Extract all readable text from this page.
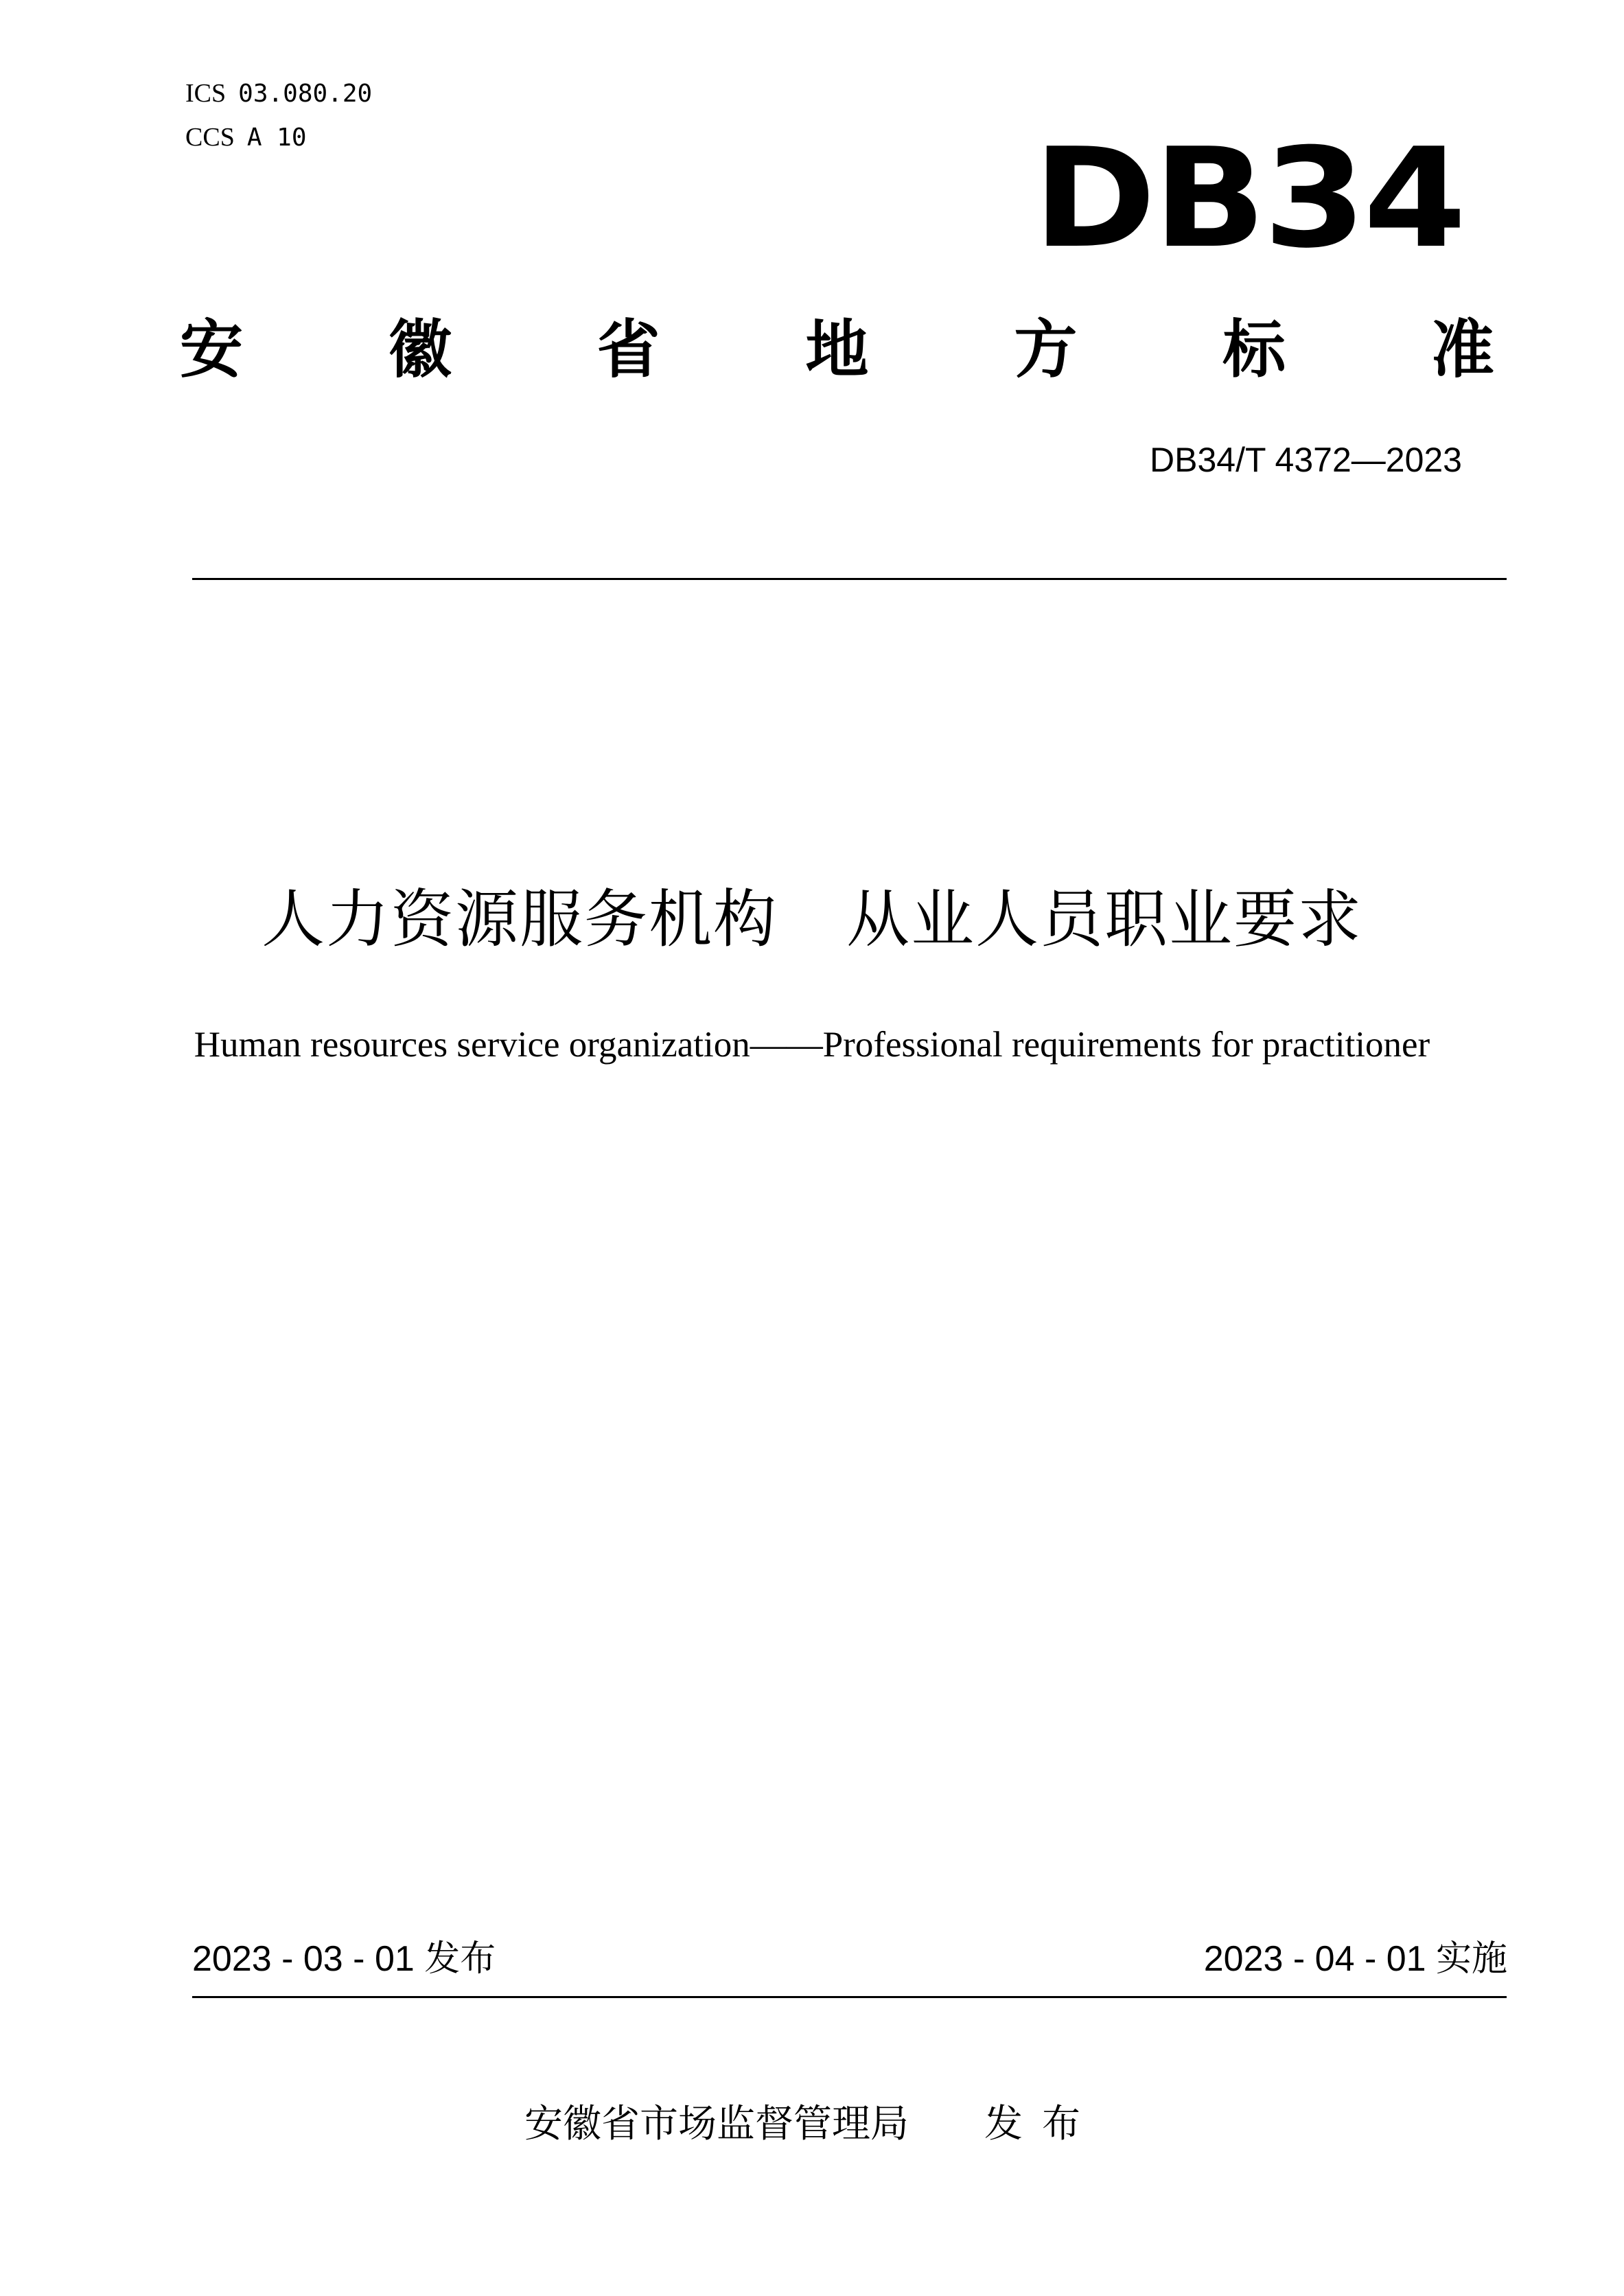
ICS 03.080.20
CCS A 10	DB34
安 徽 省 地 方 标 准
DB34/T 4372—2023
人力资源服务机构 从业人员职业要求
Human resources service organization——Professional requirements for practitioner
2023 - 03 - 01 发布	2023 - 04 - 01 实施
安徽省市场监督管理局 发布
